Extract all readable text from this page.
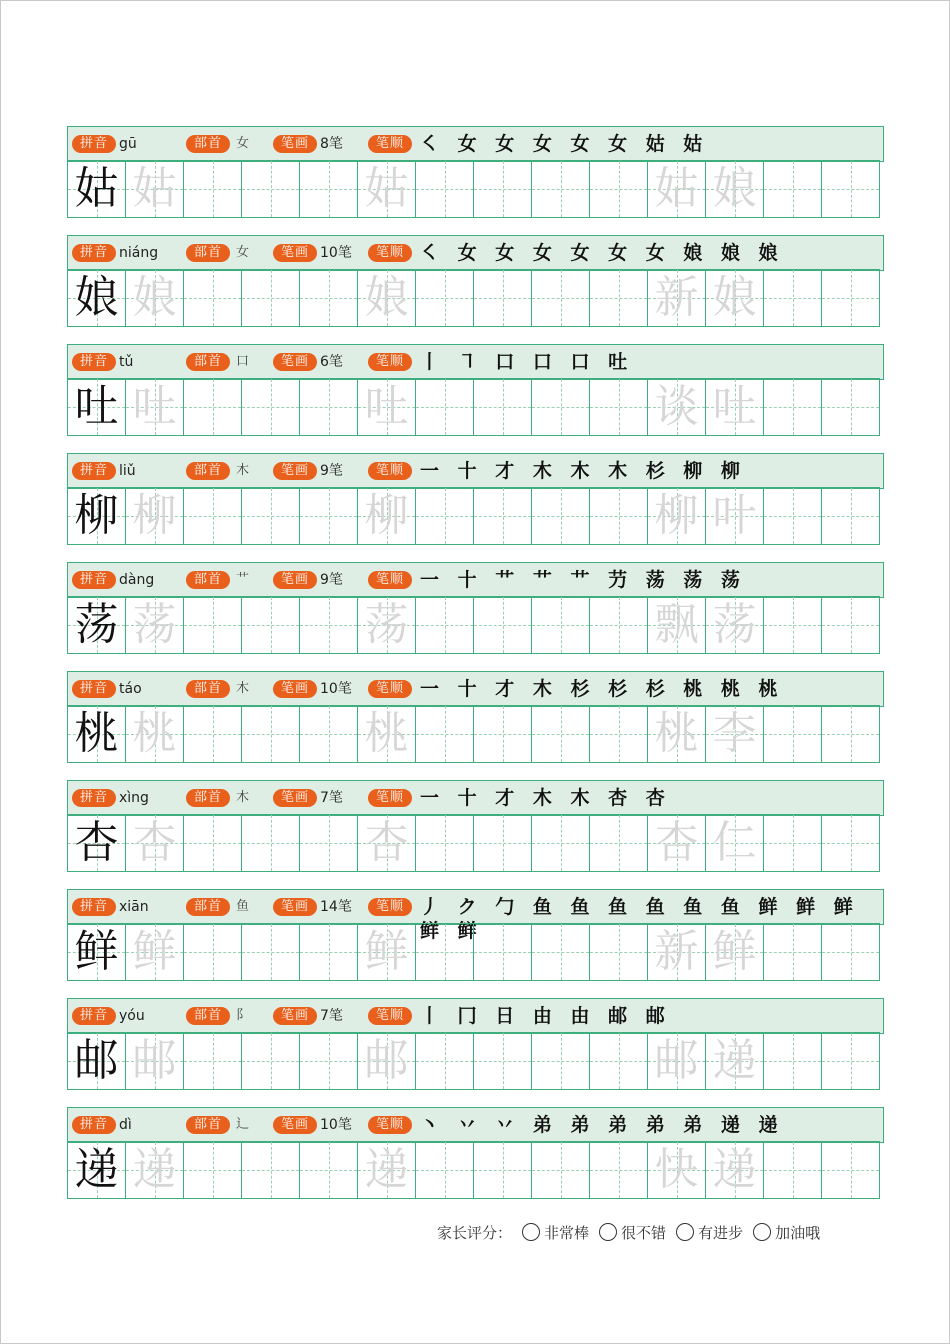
拼音 gū	部首	女	笔画 8笔	笔顺 ㇛ 女 女 女 女 女 姑 姑
姑 姑	姑	姑 娘
拼音 niáng	部首	女	笔画 10笔	笔顺 ㇛ 女 女 女 女 女 女 娘 娘 娘
娘 娘	娘	新 娘
拼音 tǔ	部首	口	笔画 6笔	笔顺 丨 ㇕ 口 口 口 吐
吐 吐	吐	谈 吐
拼音 liǔ	部首	木	笔画 9笔	笔顺 一 十 才 木 木 木 杉 柳 柳
柳 柳	柳	柳 叶
拼音 dàng	部首	艹	笔画 9笔	笔顺 一 十 艹 艹 艹 芀 荡 荡 荡
荡 荡	荡	飘 荡
拼音 táo	部首	木	笔画 10笔	笔顺 一 十 才 木 杉 杉 杉 桃 桃 桃
桃 桃	桃	桃 李
拼音 xìng	部首	木	笔画 7笔	笔顺 一 十 才 木 木 杏 杏
杏 杏	杏	杏 仁
拼音 xiān	部首	鱼	笔画 14笔	笔顺 丿 ク 勹 鱼 鱼 鱼 鱼 鱼 鱼 鲜 鲜 鲜 鲜 鲜
鲜 鲜	鲜	新 鲜
拼音 yóu	部首	阝	笔画 7笔	笔顺 丨 冂 日 由 由 邮 邮
邮 邮	邮	邮 递
拼音 dì	部首	辶	笔画 10笔	笔顺 丶 丷 丷 弟 弟 弟 弟 弟 递 递
递 递	递	快 递
家长评分： 非常棒 很不错 有进步 加油哦
